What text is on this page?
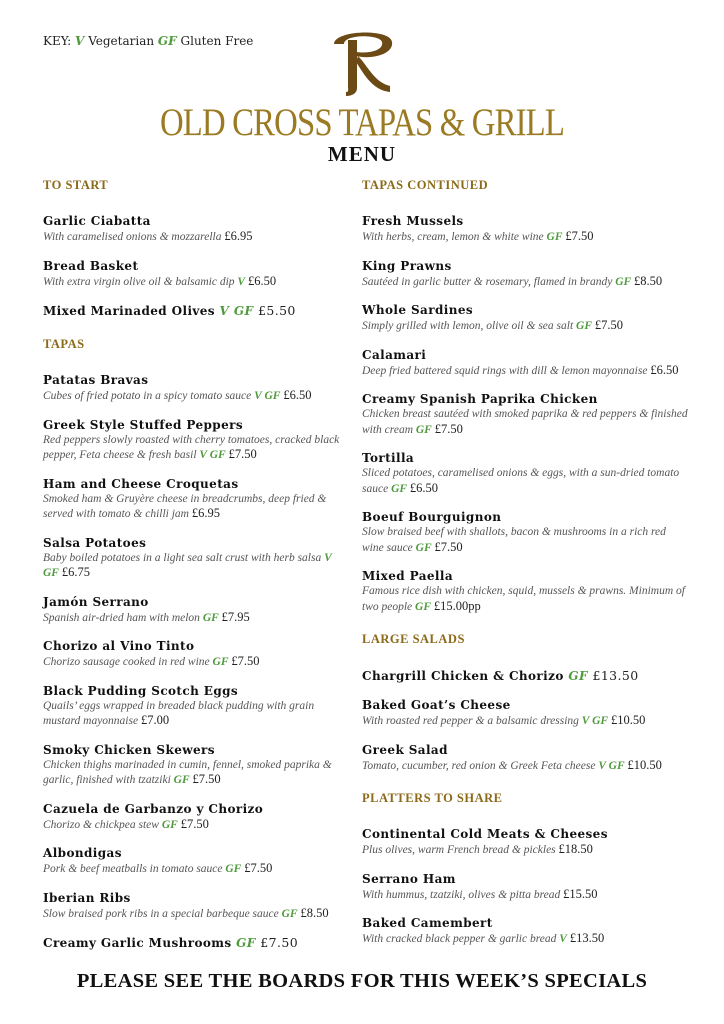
KEY: V Vegetarian GF Gluten Free
OLD CROSS TAPAS & GRILL
MENU
TO START
Garlic Ciabatta
With caramelised onions & mozzarella £6.95
Bread Basket
With extra virgin olive oil & balsamic dip V £6.50
Mixed Marinaded Olives V GF £5.50
TAPAS
Patatas Bravas
Cubes of fried potato in a spicy tomato sauce V GF £6.50
Greek Style Stuffed Peppers
Red peppers slowly roasted with cherry tomatoes, cracked black pepper, Feta cheese & fresh basil V GF £7.50
Ham and Cheese Croquetas
Smoked ham & Gruyère cheese in breadcrumbs, deep fried & served with tomato & chilli jam £6.95
Salsa Potatoes
Baby boiled potatoes in a light sea salt crust with herb salsa V GF £6.75
Jamón Serrano
Spanish air-dried ham with melon GF £7.95
Chorizo al Vino Tinto
Chorizo sausage cooked in red wine GF £7.50
Black Pudding Scotch Eggs
Quails’ eggs wrapped in breaded black pudding with grain mustard mayonnaise £7.00
Smoky Chicken Skewers
Chicken thighs marinaded in cumin, fennel, smoked paprika & garlic, finished with tzatziki GF £7.50
Cazuela de Garbanzo y Chorizo
Chorizo & chickpea stew GF £7.50
Albondigas
Pork & beef meatballs in tomato sauce GF £7.50
Iberian Ribs
Slow braised pork ribs in a special barbeque sauce GF £8.50
Creamy Garlic Mushrooms GF £7.50
TAPAS CONTINUED
Fresh Mussels
With herbs, cream, lemon & white wine GF £7.50
King Prawns
Sautéed in garlic butter & rosemary, flamed in brandy GF £8.50
Whole Sardines
Simply grilled with lemon, olive oil & sea salt GF £7.50
Calamari
Deep fried battered squid rings with dill & lemon mayonnaise £6.50
Creamy Spanish Paprika Chicken
Chicken breast sautéed with smoked paprika & red peppers & finished with cream GF £7.50
Tortilla
Sliced potatoes, caramelised onions & eggs, with a sun-dried tomato sauce GF £6.50
Boeuf Bourguignon
Slow braised beef with shallots, bacon & mushrooms in a rich red wine sauce GF £7.50
Mixed Paella
Famous rice dish with chicken, squid, mussels & prawns. Minimum of two people GF £15.00pp
LARGE SALADS
Chargrill Chicken & Chorizo GF £13.50
Baked Goat’s Cheese
With roasted red pepper & a balsamic dressing V GF £10.50
Greek Salad
Tomato, cucumber, red onion & Greek Feta cheese V GF £10.50
PLATTERS TO SHARE
Continental Cold Meats & Cheeses
Plus olives, warm French bread & pickles £18.50
Serrano Ham
With hummus, tzatziki, olives & pitta bread £15.50
Baked Camembert
With cracked black pepper & garlic bread V £13.50
PLEASE SEE THE BOARDS FOR THIS WEEK’S SPECIALS
